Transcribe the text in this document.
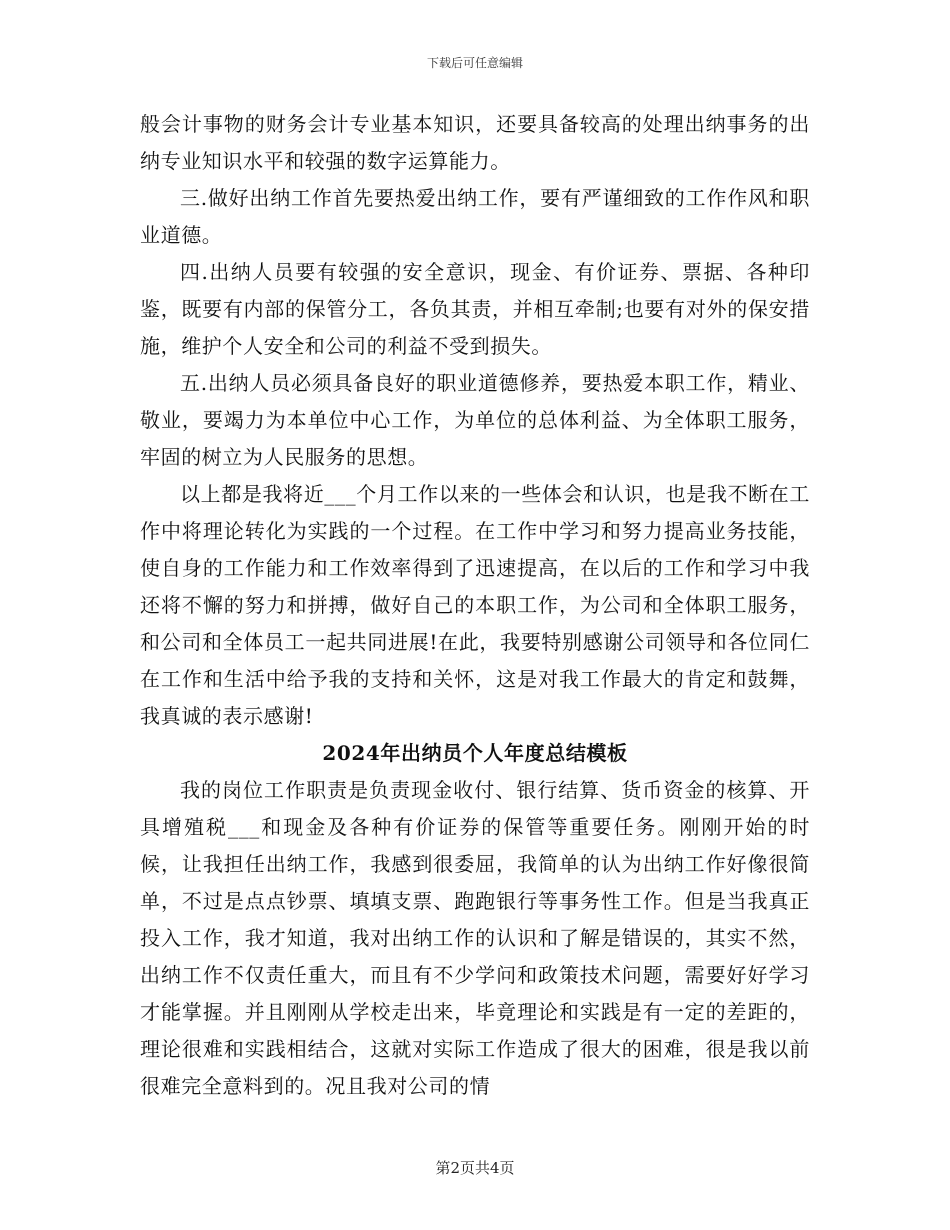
下载后可任意编辑

般会计事物的财务会计专业基本知识，还要具备较高的处理出纳事务的出纳专业知识水平和较强的数字运算能力。

三.做好出纳工作首先要热爱出纳工作，要有严谨细致的工作作风和职业道德。

四.出纳人员要有较强的安全意识，现金、有价证券、票据、各种印鉴，既要有内部的保管分工，各负其责，并相互牵制;也要有对外的保安措施，维护个人安全和公司的利益不受到损失。

五.出纳人员必须具备良好的职业道德修养，要热爱本职工作，精业、敬业，要竭力为本单位中心工作，为单位的总体利益、为全体职工服务，牢固的树立为人民服务的思想。

以上都是我将近___个月工作以来的一些体会和认识，也是我不断在工作中将理论转化为实践的一个过程。在工作中学习和努力提高业务技能，使自身的工作能力和工作效率得到了迅速提高，在以后的工作和学习中我还将不懈的努力和拼搏，做好自己的本职工作，为公司和全体职工服务，和公司和全体员工一起共同进展!在此，我要特别感谢公司领导和各位同仁在工作和生活中给予我的支持和关怀，这是对我工作最大的肯定和鼓舞，我真诚的表示感谢!

2024年出纳员个人年度总结模板

我的岗位工作职责是负责现金收付、银行结算、货币资金的核算、开具增殖税___和现金及各种有价证券的保管等重要任务。刚刚开始的时候，让我担任出纳工作，我感到很委屈，我简单的认为出纳工作好像很简单，不过是点点钞票、填填支票、跑跑银行等事务性工作。但是当我真正投入工作，我才知道，我对出纳工作的认识和了解是错误的，其实不然，出纳工作不仅责任重大，而且有不少学问和政策技术问题，需要好好学习才能掌握。并且刚刚从学校走出来，毕竟理论和实践是有一定的差距的，理论很难和实践相结合，这就对实际工作造成了很大的困难，很是我以前很难完全意料到的。况且我对公司的情

第2页共4页
